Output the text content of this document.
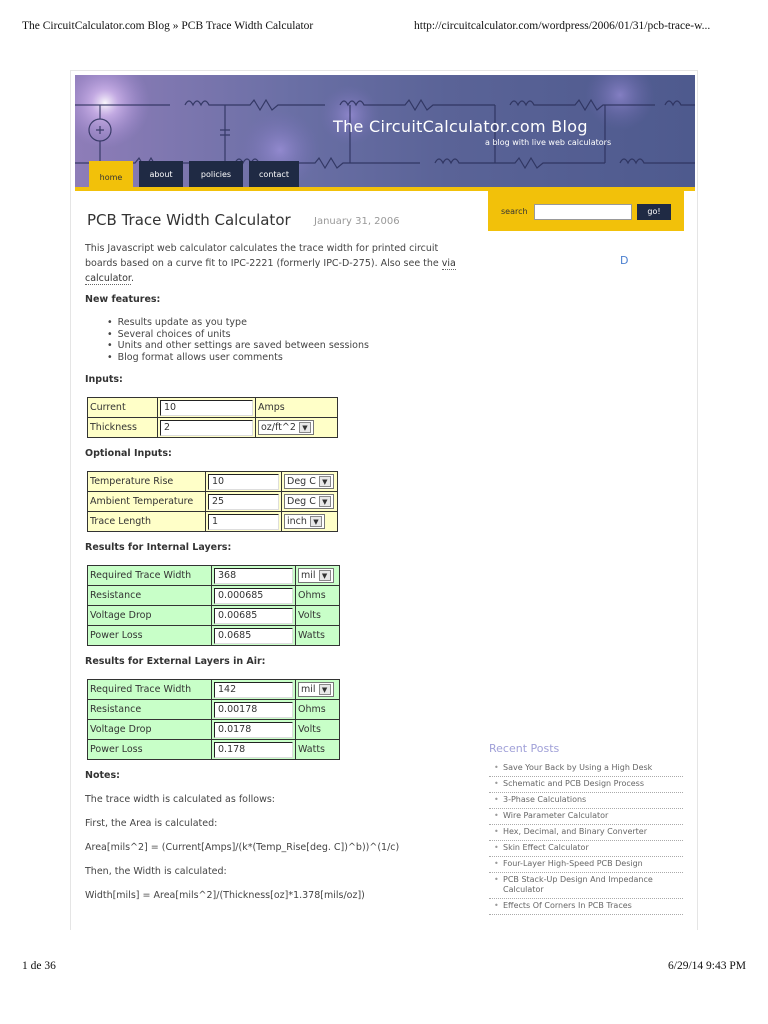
The CircuitCalculator.com Blog » PCB Trace Width Calculator	http://circuitcalculator.com/wordpress/2006/01/31/pcb-trace-w...
The CircuitCalculator.com Blog
a blog with live web calculators
home	about	policies	contact
PCB Trace Width Calculator January 31, 2006
This Javascript web calculator calculates the trace width for printed circuit boards based on a curve fit to IPC-2221 (formerly IPC-D-275). Also see the via calculator.
New features:
• Results update as you type
• Several choices of units
• Units and other settings are saved between sessions
• Blog format allows user comments
Inputs:
Current	10	Amps
Thickness	2	oz/ft^2 ▼
Optional Inputs:
Temperature Rise	10	Deg C ▼

Ambient Temperature	25	Deg C ▼

Trace Length	1	inch ▼
Results for Internal Layers:
Required Trace Width	368	mil ▼

Resistance	0.000685	Ohms
Voltage Drop	0.00685	Volts
Power Loss	0.0685	Watts
Results for External Layers in Air:
Required Trace Width	142	mil ▼

Resistance	0.00178	Ohms
Voltage Drop	0.0178	Volts
Power Loss	0.178	Watts
Notes:
The trace width is calculated as follows:
First, the Area is calculated:
Area[mils^2] = (Current[Amps]/(k*(Temp_Rise[deg. C])^b))^(1/c)
Then, the Width is calculated:
Width[mils] = Area[mils^2]/(Thickness[oz]*1.378[mils/oz])
search	go!
D
Recent Posts
• Save Your Back by Using a High Desk
• Schematic and PCB Design Process
• 3-Phase Calculations
• Wire Parameter Calculator
• Hex, Decimal, and Binary Converter
• Skin Effect Calculator
• Four-Layer High-Speed PCB Design
• PCB Stack-Up Design And Impedance Calculator
• Effects Of Corners In PCB Traces
1 de 36	6/29/14 9:43 PM
